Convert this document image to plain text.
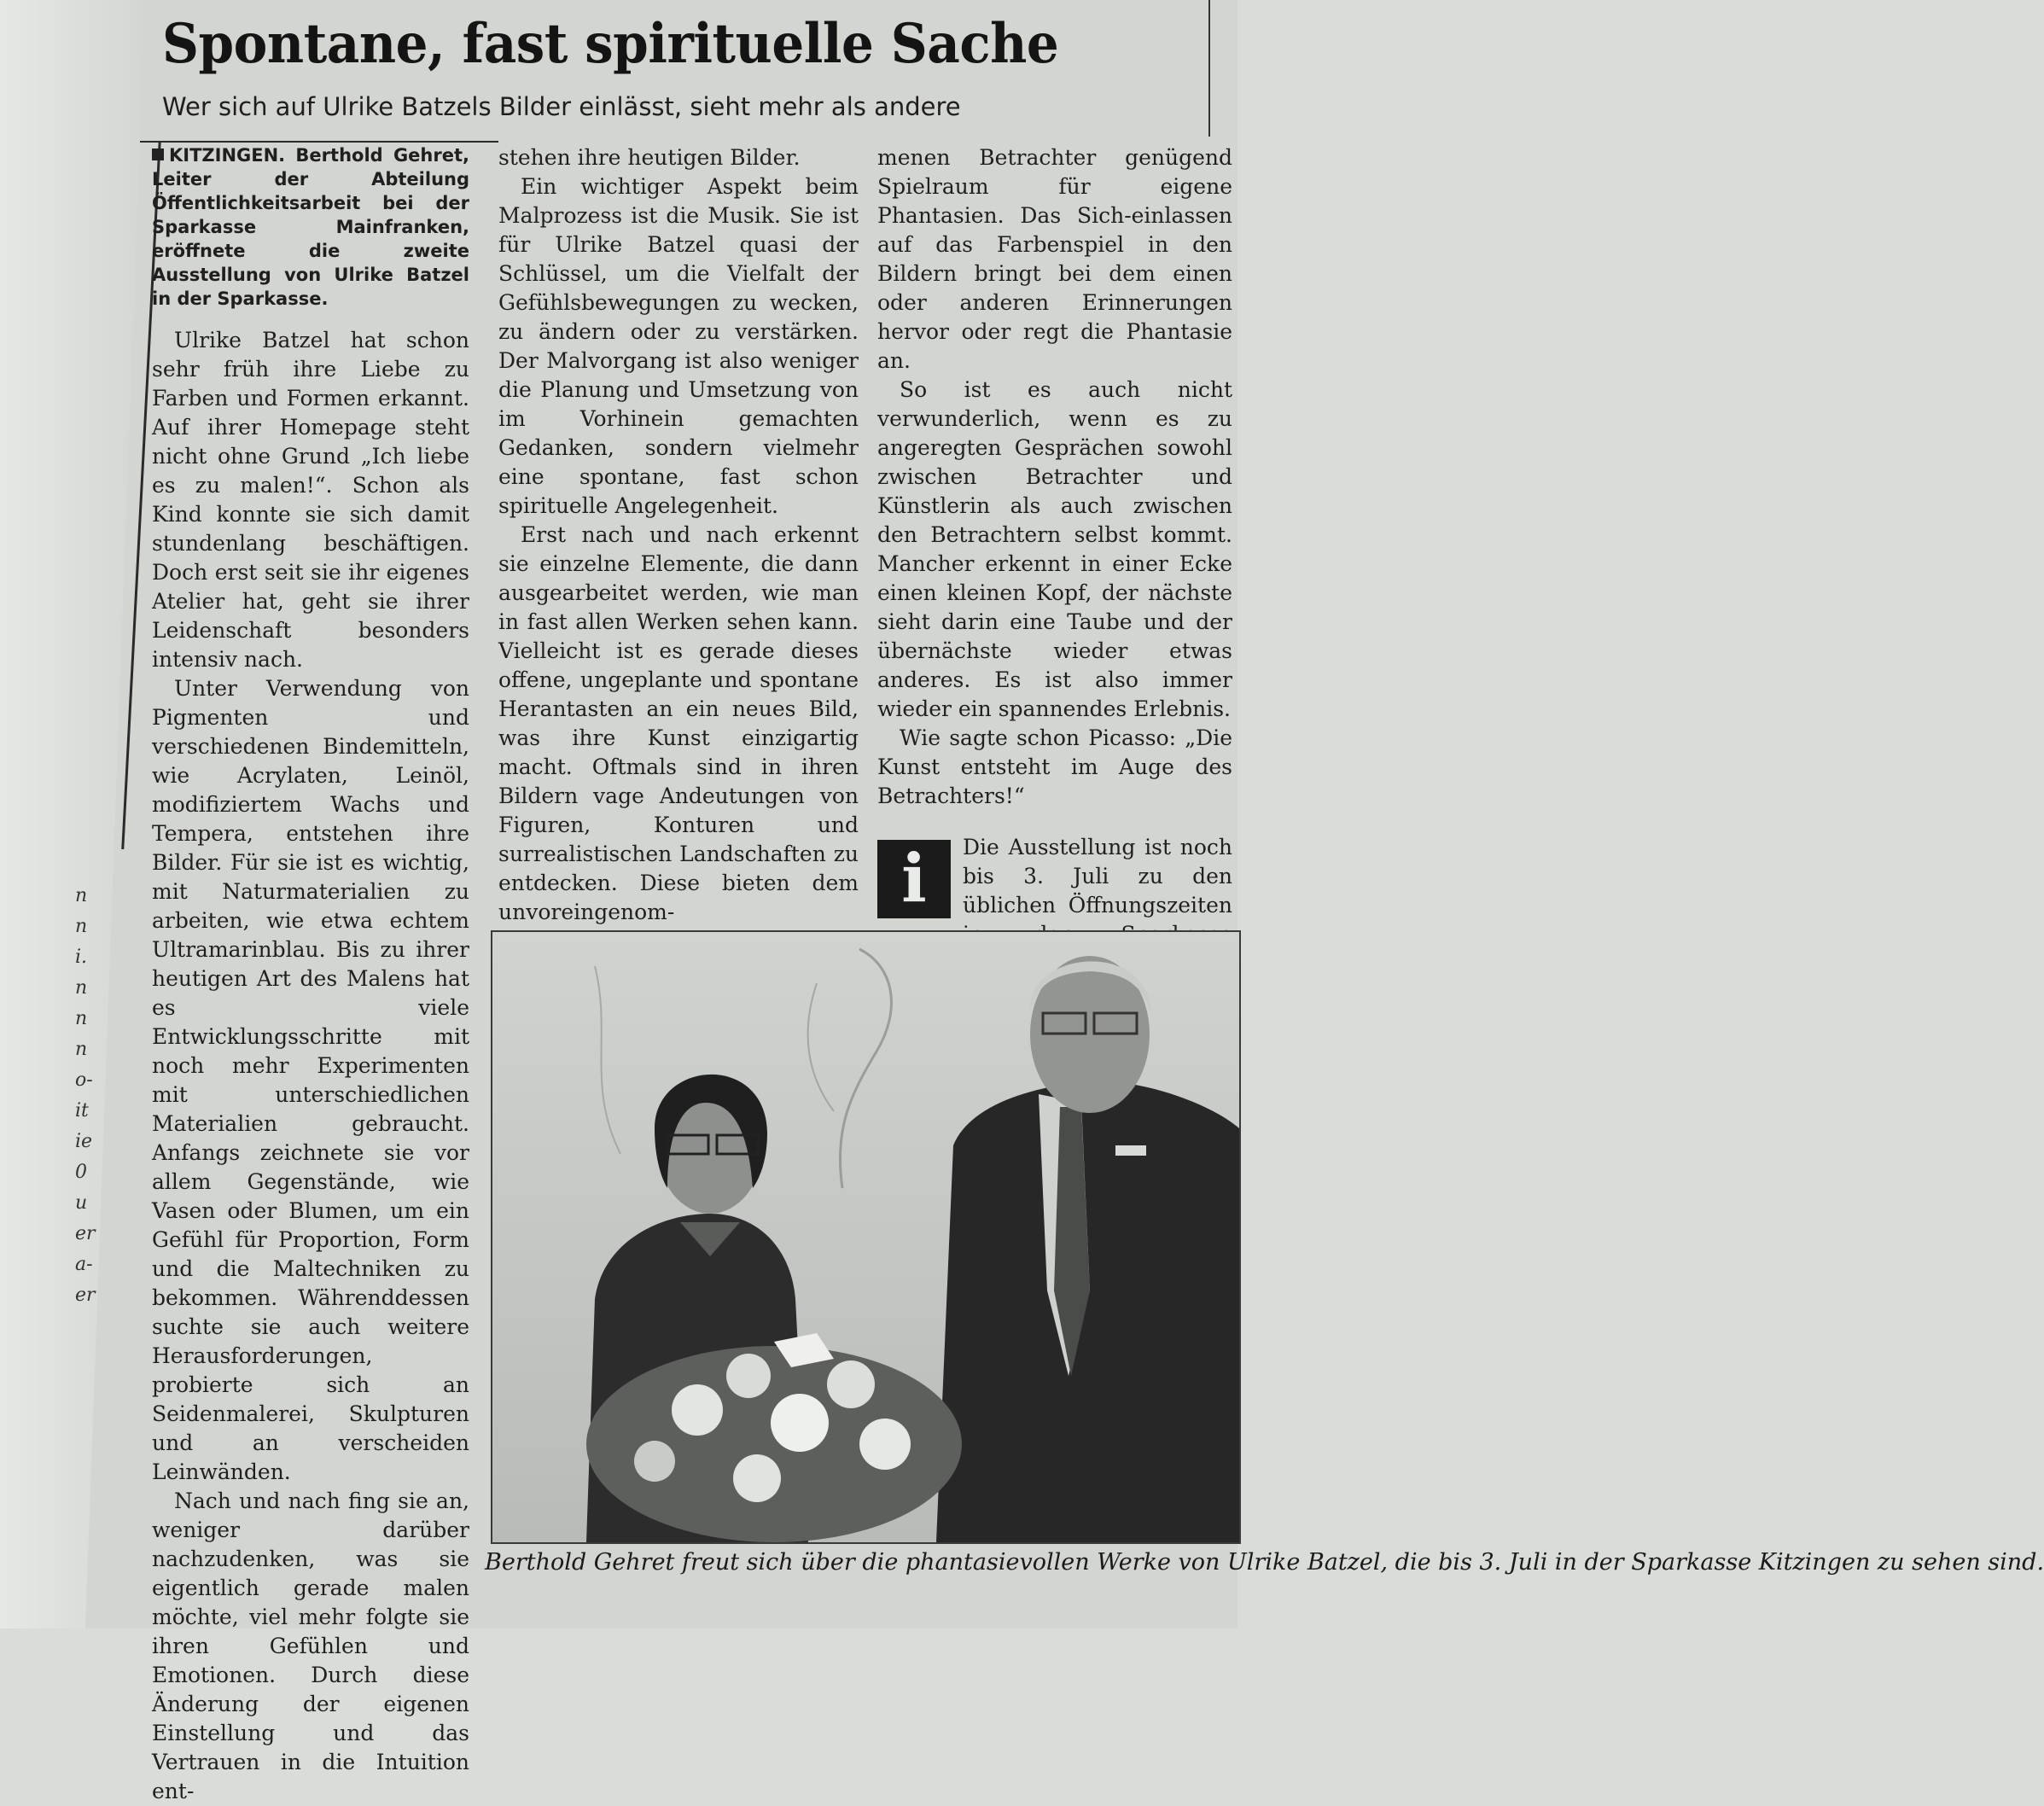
Spontane, fast spirituelle Sache
Wer sich auf Ulrike Batzels Bilder einlässt, sieht mehr als andere
n
n
i.
n
n
n
o-
it
ie
0
u
er
a-
er

KITZINGEN. Berthold Gehret, Leiter der Abteilung Öffentlichkeitsarbeit bei der Sparkasse Mainfranken, eröffnete die zweite Ausstellung von Ulrike Batzel in der Sparkasse.

Ulrike Batzel hat schon sehr früh ihre Liebe zu Farben und Formen erkannt. Auf ihrer Homepage steht nicht ohne Grund „Ich liebe es zu malen!“. Schon als Kind konnte sie sich damit stundenlang beschäftigen. Doch erst seit sie ihr eigenes Atelier hat, geht sie ihrer Leidenschaft besonders intensiv nach.

Unter Verwendung von Pigmenten und verschiedenen Bindemitteln, wie Acrylaten, Leinöl, modifiziertem Wachs und Tempera, entstehen ihre Bilder. Für sie ist es wichtig, mit Naturmaterialien zu arbeiten, wie etwa echtem Ultramarinblau. Bis zu ihrer heutigen Art des Malens hat es viele Entwicklungsschritte mit noch mehr Experimenten mit unterschiedlichen Materialien gebraucht. Anfangs zeichnete sie vor allem Gegenstände, wie Vasen oder Blumen, um ein Gefühl für Proportion, Form und die Maltechniken zu bekommen. Währenddessen suchte sie auch weitere Herausforderungen, probierte sich an Seidenmalerei, Skulpturen und an verscheiden Leinwänden.

Nach und nach fing sie an, weniger darüber nachzudenken, was sie eigentlich gerade malen möchte, viel mehr folgte sie ihren Gefühlen und Emotionen. Durch diese Änderung der eigenen Einstellung und das Vertrauen in die Intuition ent-

stehen ihre heutigen Bilder.

Ein wichtiger Aspekt beim Malprozess ist die Musik. Sie ist für Ulrike Batzel quasi der Schlüssel, um die Vielfalt der Gefühlsbewegungen zu wecken, zu ändern oder zu verstärken. Der Malvorgang ist also weniger die Planung und Umsetzung von im Vorhinein gemachten Gedanken, sondern vielmehr eine spontane, fast schon spirituelle Angelegenheit.

Erst nach und nach erkennt sie einzelne Elemente, die dann ausgearbeitet werden, wie man in fast allen Werken sehen kann. Vielleicht ist es gerade dieses offene, ungeplante und spontane Herantasten an ein neues Bild, was ihre Kunst einzigartig macht. Oftmals sind in ihren Bildern vage Andeutungen von Figuren, Konturen und surrealistischen Landschaften zu entdecken. Diese bieten dem unvoreingenom-

menen Betrachter genügend Spielraum für eigene Phantasien. Das Sich-einlassen auf das Farbenspiel in den Bildern bringt bei dem einen oder anderen Erinnerungen hervor oder regt die Phantasie an.

So ist es auch nicht verwunderlich, wenn es zu angeregten Gesprächen sowohl zwischen Betrachter und Künstlerin als auch zwischen den Betrachtern selbst kommt. Mancher erkennt in einer Ecke einen kleinen Kopf, der nächste sieht darin eine Taube und der übernächste wieder etwas anderes. Es ist also immer wieder ein spannendes Erlebnis.

Wie sagte schon Picasso: „Die Kunst entsteht im Auge des Betrachters!“

i	Die Ausstellung ist noch bis 3. Juli zu den üblichen Öffnungszeiten
Berthold Gehret freut sich über die phantasievollen Werke von Ulrike Batzel, die bis 3. Juli in der Sparkasse Kitzingen zu sehen sind.
